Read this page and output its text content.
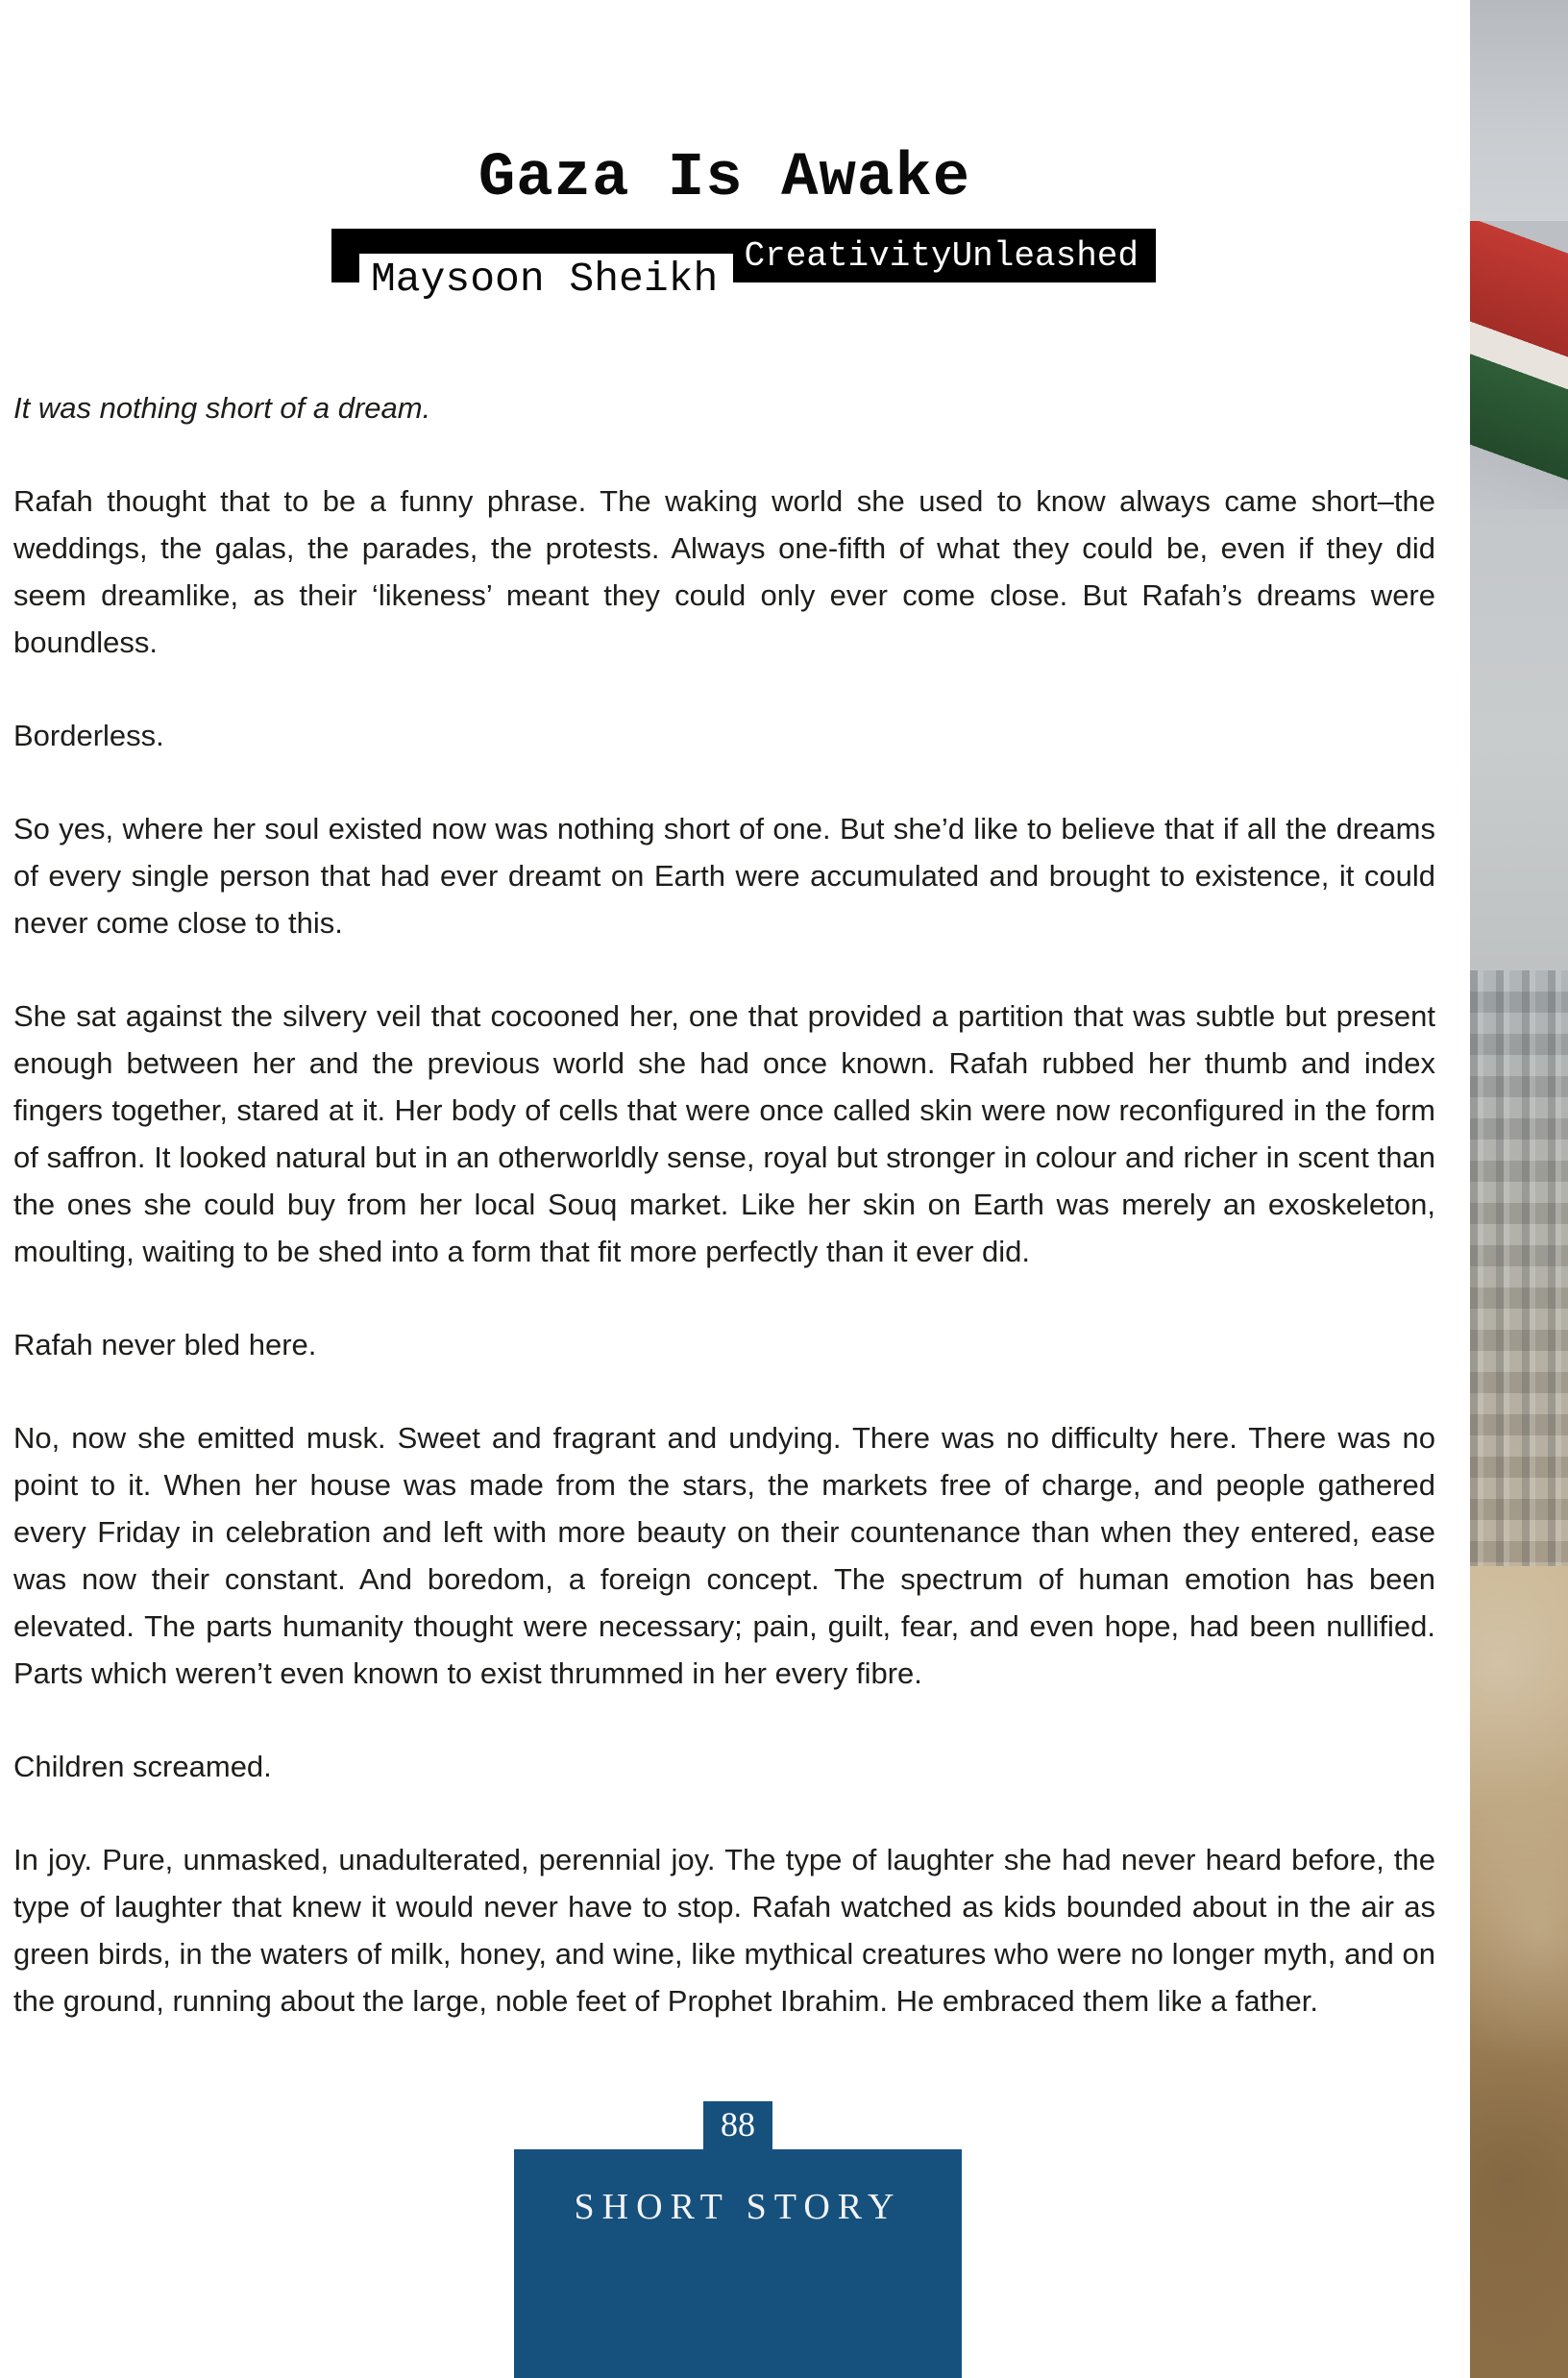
Gaza Is Awake
CreativityUnleashed
Maysoon Sheikh

It was nothing short of a dream.

Rafah thought that to be a funny phrase. The waking world she used to know always came short–the weddings, the galas, the parades, the protests. Always one-fifth of what they could be, even if they did seem dreamlike, as their ‘likeness’ meant they could only ever come close. But Rafah’s dreams were boundless.

Borderless.

So yes, where her soul existed now was nothing short of one. But she’d like to believe that if all the dreams of every single person that had ever dreamt on Earth were accumulated and brought to existence, it could never come close to this.

She sat against the silvery veil that cocooned her, one that provided a partition that was subtle but present enough between her and the previous world she had once known. Rafah rubbed her thumb and index fingers together, stared at it. Her body of cells that were once called skin were now reconfigured in the form of saffron. It looked natural but in an otherworldly sense, royal but stronger in colour and richer in scent than the ones she could buy from her local Souq market. Like her skin on Earth was merely an exoskeleton, moulting, waiting to be shed into a form that fit more perfectly than it ever did.

Rafah never bled here.

No, now she emitted musk. Sweet and fragrant and undying. There was no difficulty here. There was no point to it. When her house was made from the stars, the markets free of charge, and people gathered every Friday in celebration and left with more beauty on their countenance than when they entered, ease was now their constant. And boredom, a foreign concept. The spectrum of human emotion has been elevated. The parts humanity thought were necessary; pain, guilt, fear, and even hope, had been nullified. Parts which weren’t even known to exist thrummed in her every fibre.

Children screamed.

In joy. Pure, unmasked, unadulterated, perennial joy. The type of laughter she had never heard before, the type of laughter that knew it would never have to stop. Rafah watched as kids bounded about in the air as green birds, in the waters of milk, honey, and wine, like mythical creatures who were no longer myth, and on the ground, running about the large, noble feet of Prophet Ibrahim. He embraced them like a father.

88
SHORT STORY
